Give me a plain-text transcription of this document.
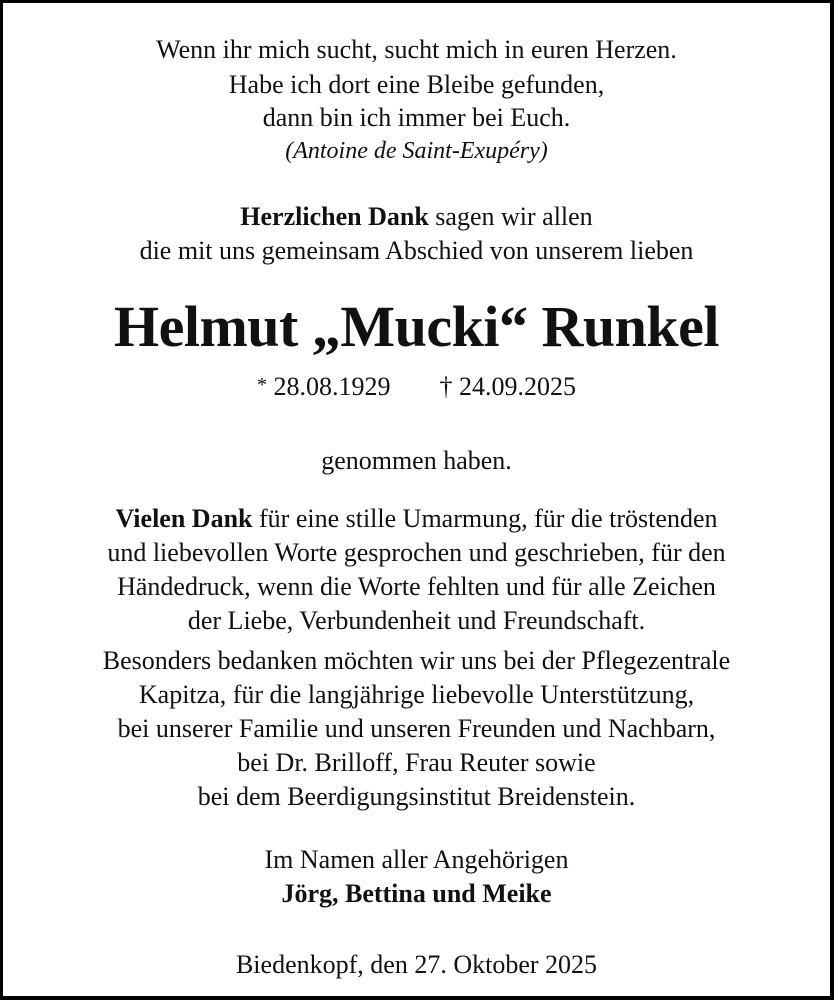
Wenn ihr mich sucht, sucht mich in euren Herzen.
Habe ich dort eine Bleibe gefunden,
dann bin ich immer bei Euch.
(Antoine de Saint-Exupéry)
Herzlichen Dank sagen wir allen
die mit uns gemeinsam Abschied von unserem lieben
Helmut „Mucki“ Runkel
* 28.08.1929 † 24.09.2025
genommen haben.
Vielen Dank für eine stille Umarmung, für die tröstenden
und liebevollen Worte gesprochen und geschrieben, für den
Händedruck, wenn die Worte fehlten und für alle Zeichen
der Liebe, Verbundenheit und Freundschaft.
Besonders bedanken möchten wir uns bei der Pflegezentrale
Kapitza, für die langjährige liebevolle Unterstützung,
bei unserer Familie und unseren Freunden und Nachbarn,
bei Dr. Brilloff, Frau Reuter sowie
bei dem Beerdigungsinstitut Breidenstein.
Im Namen aller Angehörigen
Jörg, Bettina und Meike
Biedenkopf, den 27. Oktober 2025
